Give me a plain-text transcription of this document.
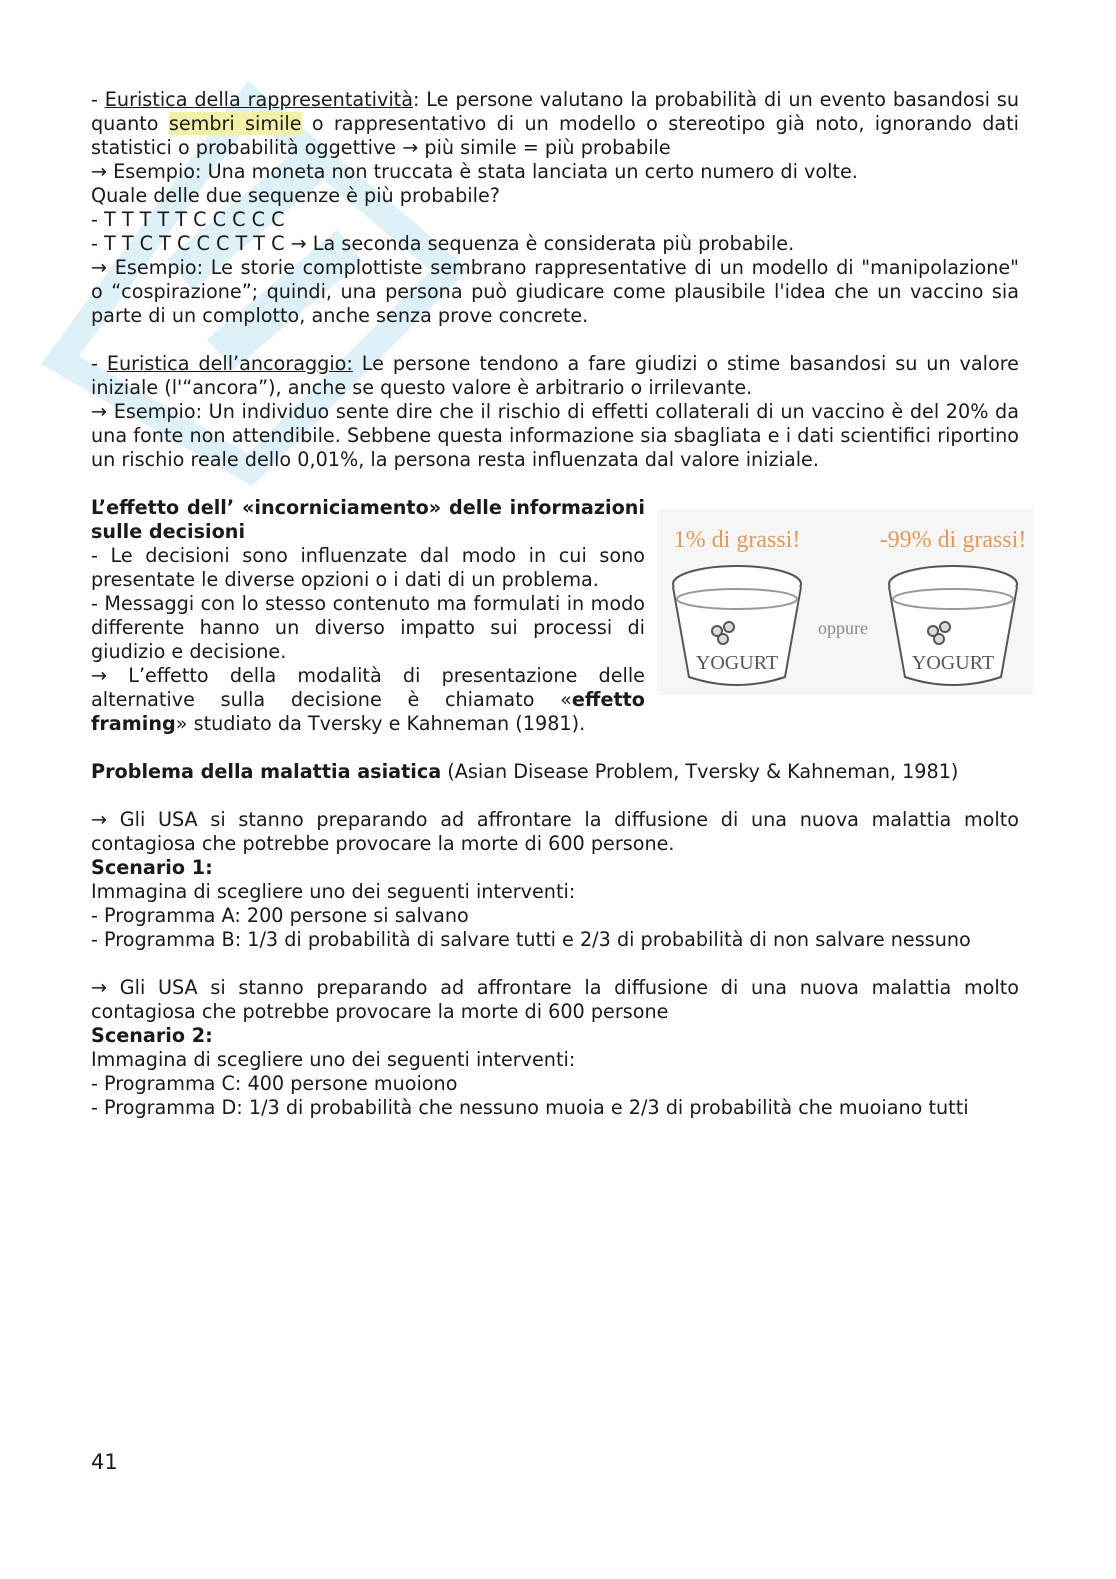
- Euristica della rappresentatività: Le persone valutano la probabilità di un evento basandosi su quanto sembri simile o rappresentativo di un modello o stereotipo già noto, ignorando dati statistici o probabilità oggettive → più simile = più probabile

→ Esempio: Una moneta non truccata è stata lanciata un certo numero di volte.

Quale delle due sequenze è più probabile?

- T T T T T C C C C C

- T T C T C C C T T C → La seconda sequenza è considerata più probabile.

→ Esempio: Le storie complottiste sembrano rappresentative di un modello di "manipolazione" o “cospirazione”; quindi, una persona può giudicare come plausibile l'idea che un vaccino sia parte di un complotto, anche senza prove concrete.

- Euristica dell’ancoraggio: Le persone tendono a fare giudizi o stime basandosi su un valore iniziale (l'“ancora”), anche se questo valore è arbitrario o irrilevante.

→ Esempio: Un individuo sente dire che il rischio di effetti collaterali di un vaccino è del 20% da una fonte non attendibile. Sebbene questa informazione sia sbagliata e i dati scientifici riportino un rischio reale dello 0,01%, la persona resta influenzata dal valore iniziale.

L’effetto dell’ «incorniciamento» delle informazioni sulle decisioni

- Le decisioni sono influenzate dal modo in cui sono presentate le diverse opzioni o i dati di un problema.

- Messaggi con lo stesso contenuto ma formulati in modo differente hanno un diverso impatto sui processi di giudizio e decisione.

→ L’effetto della modalità di presentazione delle alternative sulla decisione è chiamato «effetto framing» studiato da Tversky e Kahneman (1981).

1% di grassi!	-99% di grassi!
oppure
YOGURT	YOGURT

Problema della malattia asiatica (Asian Disease Problem, Tversky & Kahneman, 1981)

→ Gli USA si stanno preparando ad affrontare la diffusione di una nuova malattia molto contagiosa che potrebbe provocare la morte di 600 persone.

Scenario 1:

Immagina di scegliere uno dei seguenti interventi:

- Programma A: 200 persone si salvano

- Programma B: 1/3 di probabilità di salvare tutti e 2/3 di probabilità di non salvare nessuno

→ Gli USA si stanno preparando ad affrontare la diffusione di una nuova malattia molto contagiosa che potrebbe provocare la morte di 600 persone

Scenario 2:

Immagina di scegliere uno dei seguenti interventi:

- Programma C: 400 persone muoiono

- Programma D: 1/3 di probabilità che nessuno muoia e 2/3 di probabilità che muoiano tutti

41
